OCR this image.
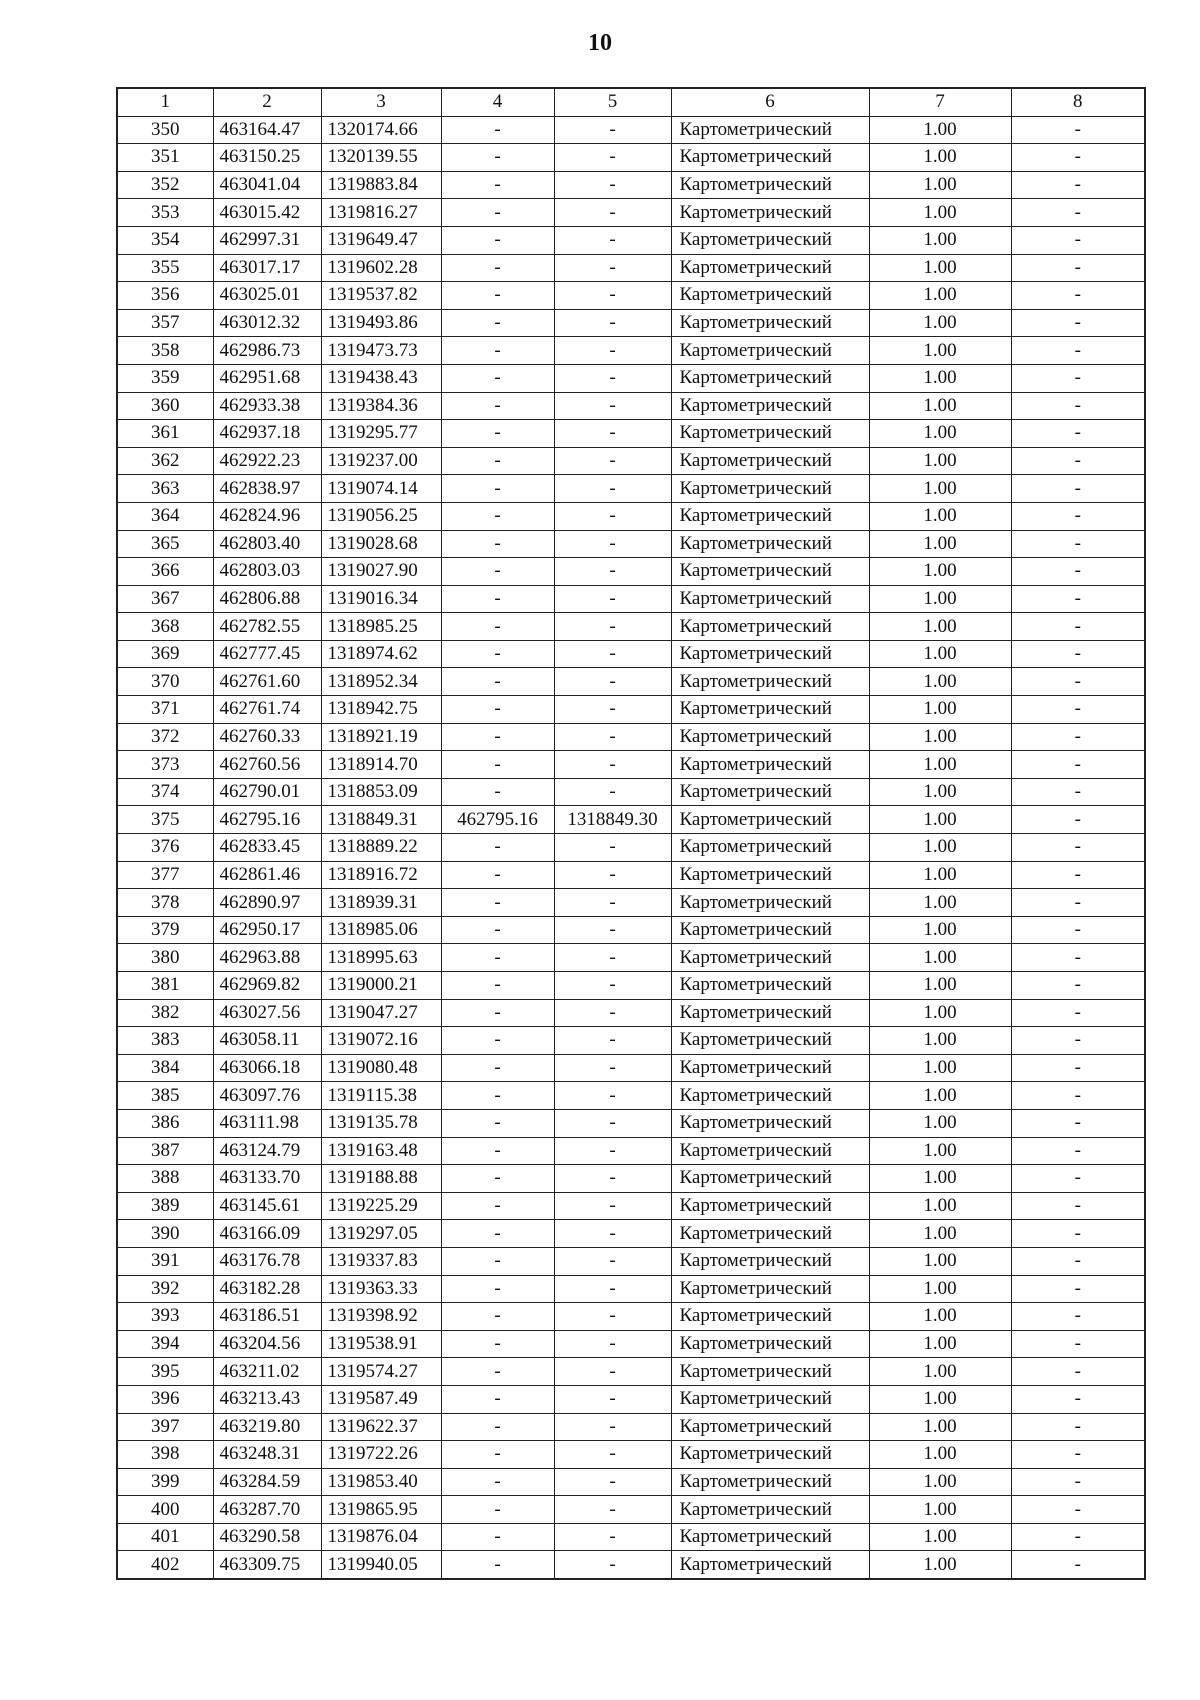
10
1	2	3	4	5	6	7	8
350	463164.47	1320174.66	-	-	Картометрический	1.00	-
351	463150.25	1320139.55	-	-	Картометрический	1.00	-
352	463041.04	1319883.84	-	-	Картометрический	1.00	-
353	463015.42	1319816.27	-	-	Картометрический	1.00	-
354	462997.31	1319649.47	-	-	Картометрический	1.00	-
355	463017.17	1319602.28	-	-	Картометрический	1.00	-
356	463025.01	1319537.82	-	-	Картометрический	1.00	-
357	463012.32	1319493.86	-	-	Картометрический	1.00	-
358	462986.73	1319473.73	-	-	Картометрический	1.00	-
359	462951.68	1319438.43	-	-	Картометрический	1.00	-
360	462933.38	1319384.36	-	-	Картометрический	1.00	-
361	462937.18	1319295.77	-	-	Картометрический	1.00	-
362	462922.23	1319237.00	-	-	Картометрический	1.00	-
363	462838.97	1319074.14	-	-	Картометрический	1.00	-
364	462824.96	1319056.25	-	-	Картометрический	1.00	-
365	462803.40	1319028.68	-	-	Картометрический	1.00	-
366	462803.03	1319027.90	-	-	Картометрический	1.00	-
367	462806.88	1319016.34	-	-	Картометрический	1.00	-
368	462782.55	1318985.25	-	-	Картометрический	1.00	-
369	462777.45	1318974.62	-	-	Картометрический	1.00	-
370	462761.60	1318952.34	-	-	Картометрический	1.00	-
371	462761.74	1318942.75	-	-	Картометрический	1.00	-
372	462760.33	1318921.19	-	-	Картометрический	1.00	-
373	462760.56	1318914.70	-	-	Картометрический	1.00	-
374	462790.01	1318853.09	-	-	Картометрический	1.00	-
375	462795.16	1318849.31	462795.16	1318849.30	Картометрический	1.00	-
376	462833.45	1318889.22	-	-	Картометрический	1.00	-
377	462861.46	1318916.72	-	-	Картометрический	1.00	-
378	462890.97	1318939.31	-	-	Картометрический	1.00	-
379	462950.17	1318985.06	-	-	Картометрический	1.00	-
380	462963.88	1318995.63	-	-	Картометрический	1.00	-
381	462969.82	1319000.21	-	-	Картометрический	1.00	-
382	463027.56	1319047.27	-	-	Картометрический	1.00	-
383	463058.11	1319072.16	-	-	Картометрический	1.00	-
384	463066.18	1319080.48	-	-	Картометрический	1.00	-
385	463097.76	1319115.38	-	-	Картометрический	1.00	-
386	463111.98	1319135.78	-	-	Картометрический	1.00	-
387	463124.79	1319163.48	-	-	Картометрический	1.00	-
388	463133.70	1319188.88	-	-	Картометрический	1.00	-
389	463145.61	1319225.29	-	-	Картометрический	1.00	-
390	463166.09	1319297.05	-	-	Картометрический	1.00	-
391	463176.78	1319337.83	-	-	Картометрический	1.00	-
392	463182.28	1319363.33	-	-	Картометрический	1.00	-
393	463186.51	1319398.92	-	-	Картометрический	1.00	-
394	463204.56	1319538.91	-	-	Картометрический	1.00	-
395	463211.02	1319574.27	-	-	Картометрический	1.00	-
396	463213.43	1319587.49	-	-	Картометрический	1.00	-
397	463219.80	1319622.37	-	-	Картометрический	1.00	-
398	463248.31	1319722.26	-	-	Картометрический	1.00	-
399	463284.59	1319853.40	-	-	Картометрический	1.00	-
400	463287.70	1319865.95	-	-	Картометрический	1.00	-
401	463290.58	1319876.04	-	-	Картометрический	1.00	-
402	463309.75	1319940.05	-	-	Картометрический	1.00	-
